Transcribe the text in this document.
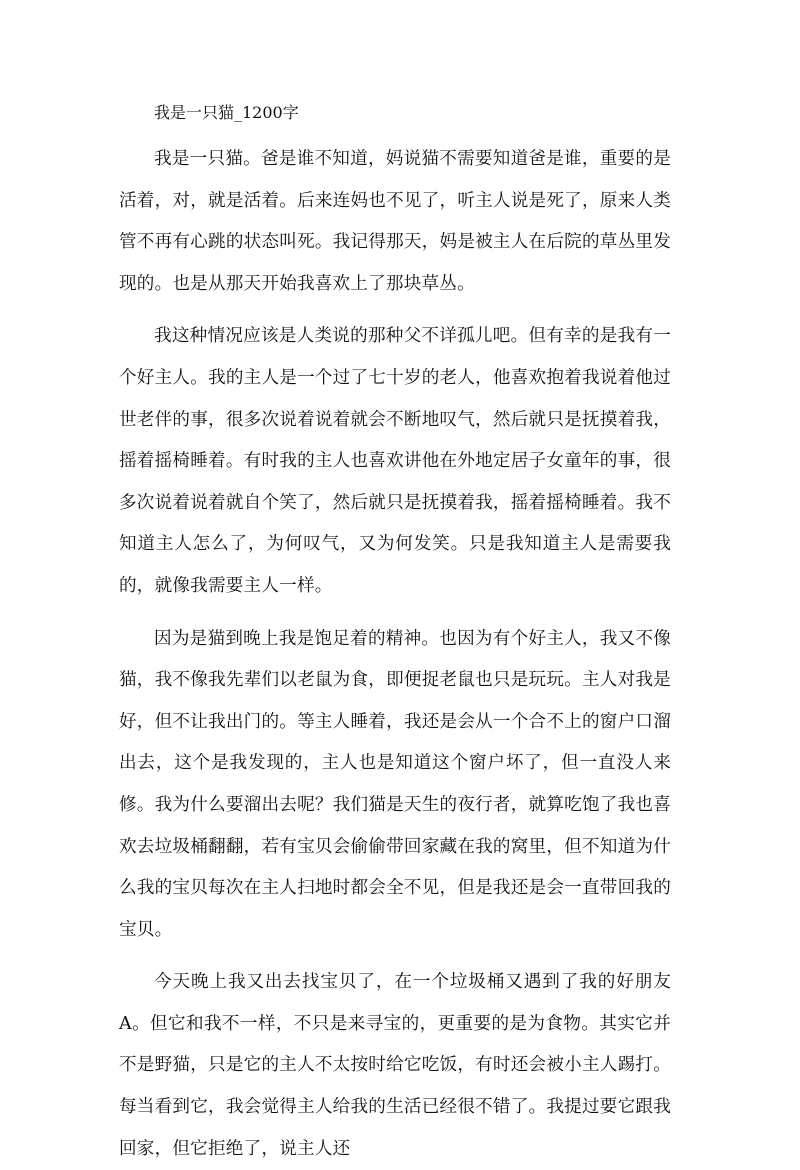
我是一只猫_1200字

我是一只猫。爸是谁不知道，妈说猫不需要知道爸是谁，重要的是活着，对，就是活着。后来连妈也不见了，听主人说是死了，原来人类管不再有心跳的状态叫死。我记得那天，妈是被主人在后院的草丛里发现的。也是从那天开始我喜欢上了那块草丛。

我这种情况应该是人类说的那种父不详孤儿吧。但有幸的是我有一个好主人。我的主人是一个过了七十岁的老人，他喜欢抱着我说着他过世老伴的事，很多次说着说着就会不断地叹气，然后就只是抚摸着我，摇着摇椅睡着。有时我的主人也喜欢讲他在外地定居子女童年的事，很多次说着说着就自个笑了，然后就只是抚摸着我，摇着摇椅睡着。我不知道主人怎么了，为何叹气，又为何发笑。只是我知道主人是需要我的，就像我需要主人一样。

因为是猫到晚上我是饱足着的精神。也因为有个好主人，我又不像猫，我不像我先辈们以老鼠为食，即便捉老鼠也只是玩玩。主人对我是好，但不让我出门的。等主人睡着，我还是会从一个合不上的窗户口溜出去，这个是我发现的，主人也是知道这个窗户坏了，但一直没人来修。我为什么要溜出去呢？我们猫是天生的夜行者，就算吃饱了我也喜欢去垃圾桶翻翻，若有宝贝会偷偷带回家藏在我的窝里，但不知道为什么我的宝贝每次在主人扫地时都会全不见，但是我还是会一直带回我的宝贝。

今天晚上我又出去找宝贝了，在一个垃圾桶又遇到了我的好朋友A。但它和我不一样，不只是来寻宝的，更重要的是为食物。其实它并不是野猫，只是它的主人不太按时给它吃饭，有时还会被小主人踢打。每当看到它，我会觉得主人给我的生活已经很不错了。我提过要它跟我回家，但它拒绝了，说主人还
